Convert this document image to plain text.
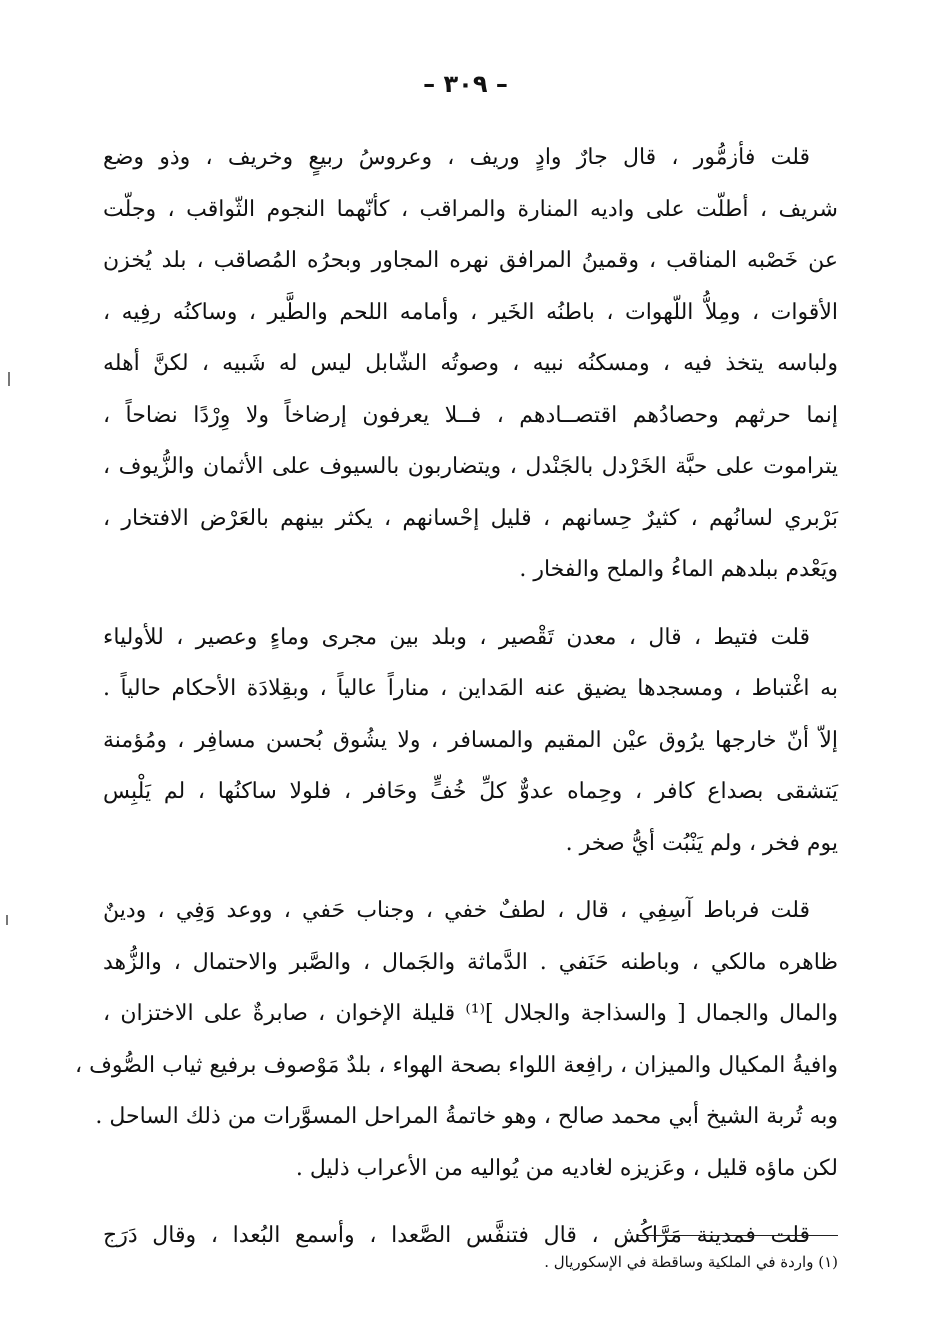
– ٣٠٩ –
قلت فأزمُّور ، قال جارٌ وادٍ وريف ، وعروسُ ربيعٍ وخريف ، وذو وضع
شريف ، أطلّت على واديه المنارة والمراقب ، كأنّهما النجوم الثّواقب ، وجلّت
عن خَصْبه المناقب ، وقمينُ المرافق نهره المجاور وبحرُه المُصاقب ، بلد يُخزن
الأقوات ، ومِلاُّ اللّهوات ، باطنُه الخَير ، وأمامه اللحم والطَّير ، وساكنُه رفِيه ،
ولباسه يتخذ فيه ، ومسكنُه نبيه ، وصوتُه الشّابل ليس له شَبيه ، لكنَّ أهله
إنما حرثهم وحصادُهم اقتصــادهم ، فــلا يعرفون إرضاخاً ولا وِرْدًا نضاحاً ،
يتراموت على حبَّة الخَرْدل بالجَنْدل ، ويتضاربون بالسيوف على الأثمان والزُّيوف ،
بَرْبري لسانُهم ، كثيرٌ حِسانهم ، قليل إحْسانهم ، يكثر بينهم بالعَرْض الافتخار ،
ويَعْدم ببلدهم الماءُ والملح والفخار .
قلت فتيط ، قال ، معدن تَقْصير ، وبلد بين مجرى وماءٍ وعصير ، للأولياء
به اغْتباط ، ومسجدها يضيق عنه المَداين ، مناراً عالياً ، وبقِلادَة الأحكام حالياً .
إلاّ أنّ خارجها يرُوق عيْن المقيم والمسافر ، ولا يشُوق بُحسن مسافِر ، ومُؤمنة
يَتشقى بصداع كافر ، وحِماه عدوٌّ كلِّ خُفٍّ وحَافر ، فلولا ساكنُها ، لم يَلْبِس
يوم فخر ، ولم يَنْبُت أيُّ صخر .
قلت فرباط آسِفِي ، قال ، لطفٌ خفي ، وجناب حَفي ، ووعد وَفِي ، ودينٌ
ظاهره مالكي ، وباطنه حَنَفي . الدَّماثة والجَمال ، والصَّبر والاحتمال ، والزُّهد
والمال والجمال [ والسذاجة والجلال ]⁽¹⁾ قليلة الإخوان ، صابرةٌ على الاختزان ،
وافيةُ المكيال والميزان ، رافِعة اللواء بصحة الهواء ، بلدٌ مَوْصوف برفيع ثياب الصُّوف ،
وبه تُربة الشيخ أبي محمد صالح ، وهو خاتمةُ المراحل المسوَّرات من ذلك الساحل .
لكن ماؤه قليل ، وعَزيزه لغاديه من يُواليه من الأعراب ذليل .
قلت فمدينة مَرَّاكُش ، قال فتنفَّس الصَّعدا ، وأسمع البُعدا ، وقال دَرَج
(١) واردة في الملكية وساقطة في الإسكوريال .
